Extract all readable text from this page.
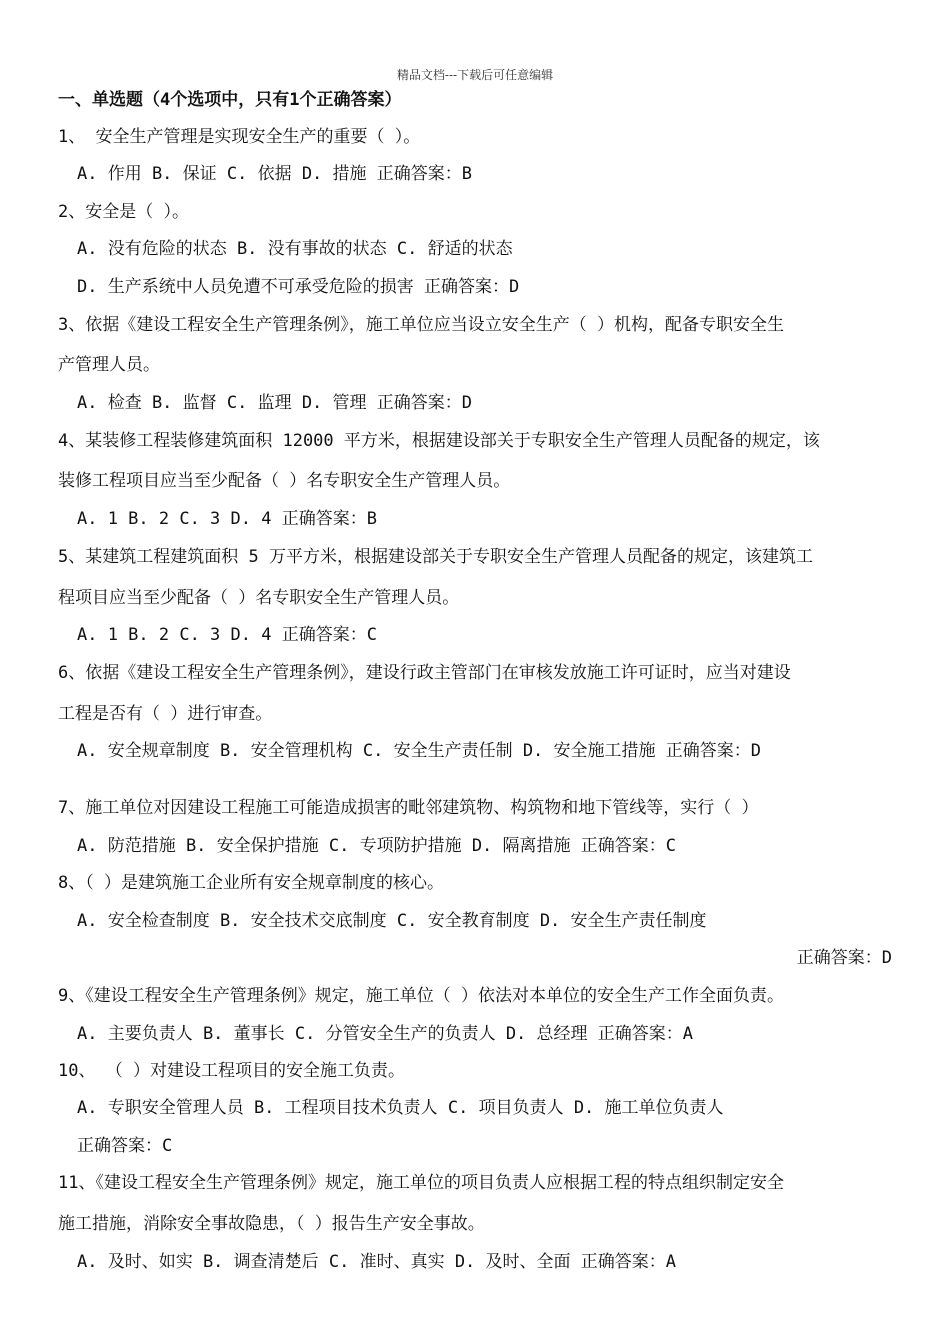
精品文档---下载后可任意编辑
一、单选题（4个选项中，只有1个正确答案）
1、 安全生产管理是实现安全生产的重要（ ）。
A. 作用 B. 保证 C. 依据 D. 措施 正确答案：B
2、安全是（ ）。
A. 没有危险的状态 B. 没有事故的状态 C. 舒适的状态
D. 生产系统中人员免遭不可承受危险的损害 正确答案：D
3、依据《建设工程安全生产管理条例》，施工单位应当设立安全生产（ ）机构，配备专职安全生
产管理人员。
A. 检查 B. 监督 C. 监理 D. 管理 正确答案：D
4、某装修工程装修建筑面积 12000 平方米，根据建设部关于专职安全生产管理人员配备的规定，该
装修工程项目应当至少配备（ ）名专职安全生产管理人员。
A. 1 B. 2 C. 3 D. 4 正确答案：B
5、某建筑工程建筑面积 5 万平方米，根据建设部关于专职安全生产管理人员配备的规定，该建筑工
程项目应当至少配备（ ）名专职安全生产管理人员。
A. 1 B. 2 C. 3 D. 4 正确答案：C
6、依据《建设工程安全生产管理条例》，建设行政主管部门在审核发放施工许可证时，应当对建设
工程是否有（ ）进行审查。
A. 安全规章制度 B. 安全管理机构 C. 安全生产责任制 D. 安全施工措施 正确答案：D
7、施工单位对因建设工程施工可能造成损害的毗邻建筑物、构筑物和地下管线等，实行（ ）
A. 防范措施 B. 安全保护措施 C. 专项防护措施 D. 隔离措施 正确答案：C
8、（ ）是建筑施工企业所有安全规章制度的核心。
A. 安全检查制度 B. 安全技术交底制度 C. 安全教育制度 D. 安全生产责任制度
正确答案：D
9、《建设工程安全生产管理条例》规定，施工单位（ ）依法对本单位的安全生产工作全面负责。
A. 主要负责人 B. 董事长 C. 分管安全生产的负责人 D. 总经理 正确答案：A
10、 （ ）对建设工程项目的安全施工负责。
A. 专职安全管理人员 B. 工程项目技术负责人 C. 项目负责人 D. 施工单位负责人
正确答案：C
11、《建设工程安全生产管理条例》规定，施工单位的项目负责人应根据工程的特点组织制定安全
施工措施，消除安全事故隐患，（ ）报告生产安全事故。
A. 及时、如实 B. 调查清楚后 C. 准时、真实 D. 及时、全面 正确答案：A
